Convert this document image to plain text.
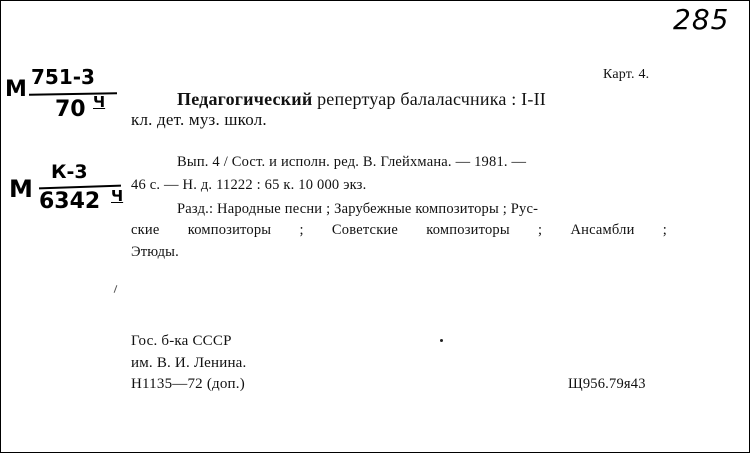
285
М 751-3
70 Ч
М
К-3
6342 Ч
Карт. 4.
Педагогический репертуар балаласчника : I-II
кл. дет. муз. школ.
Вып. 4 / Сост. и исполн. ред. В. Глейхмана. — 1981. —
46 с. — Н. д. 11222 : 65 к. 10 000 экз.
Разд.: Народные песни ; Зарубежные композиторы ; Рус-
ские композиторы ; Советские композиторы ; Ансамбли ;
Этюды.
Гос. б-ка СССР
им. В. И. Ленина.
Н1135—72 (доп.)	Щ956.79я43
